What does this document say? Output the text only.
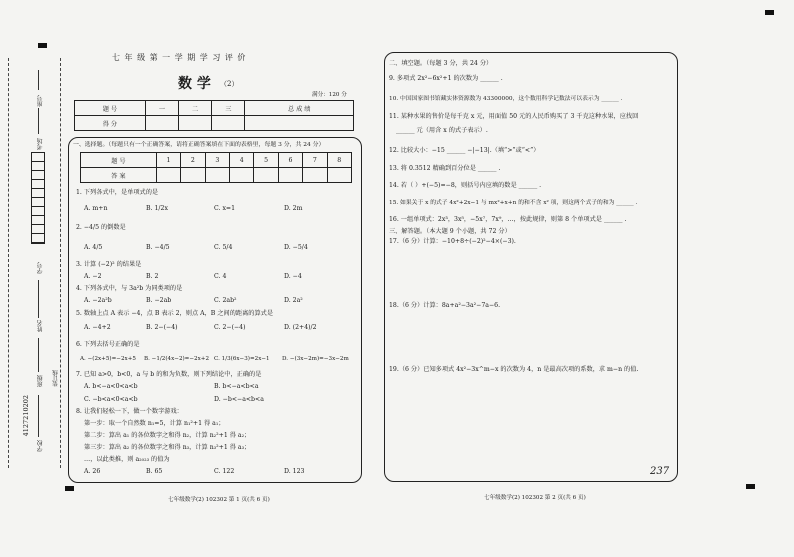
座号
考场
学号
姓名
班级
学校
4127210202
装订线
七 年 级 第 一 学 期 学 习 评 价
数 学 （2）
满分：120 分
题 号	一	二	三	总 成 绩
得 分				
一、选择题。（每题只有一个正确答案，请将正确答案填在下面的表格里，每题 3 分，共 24 分）
题 号	1	2	3	4	5	6	7	8
答 案								
1. 下列各式中，是单项式的是
A. m+n	B. 1/2x	C. x=1	D. 2m
2. −4/5 的倒数是
A. 4/5	B. −4/5	C. 5/4	D. −5/4
3. 计算 (−2)² 的结果是
A. −2	B. 2	C. 4	D. −4
4. 下列各式中，与 3a²b 为同类项的是
A. −2a²b	B. −2ab	C. 2ab²	D. 2a²
5. 数轴上点 A 表示 −4，点 B 表示 2，则点 A，B 之间的距离的算式是
A. −4+2	B. 2−(−4)	C. 2−(−4)	D. (2+4)/2
6. 下列去括号正确的是
A. −(2x+5)=−2x+5 B. −1/2(4x−2)=−2x+2 C. 1/3(6x−3)=2x−1 D. −(3x−2m)=−3x−2m
7. 已知 a>0，b<0，a 与 b 的和为负数，则下列结论中，正确的是
A. b<−a<0<a<b	B. b<−a<b<a
C. −b<a<0<a<b	D. −b<−a<b<a
8. 让我们轻松一下，做一个数字游戏：
第一步：取一个自然数 n₁=5，计算 n₁²+1 得 a₁；
第二步：算出 a₁ 的各位数字之和得 n₂，计算 n₂²+1 得 a₂；
第三步：算出 a₂ 的各位数字之和得 n₃，计算 n₃²+1 得 a₃；
…，以此类推，则 a₂₀₂₃ 的值为
A. 26	B. 65	C. 122	D. 123
七年级数学(2) 102302 第 1 页(共 6 页)
二、填空题。（每题 3 分，共 24 分）
9. 多项式 2x²−6x²+1 的次数为 ______ .
10. 中国国家图书馆藏实体资源数为 43300000，这个数用科学记数法可以表示为 ______ .
11. 某种水果的售价是每千克 x 元，用面值 50 元的人民币购买了 3 千克这种水果，应找回
______ 元（用含 x 的式子表示）.
12. 比较大小：−15 ______ −|−13|.（填“>”或“<”）
13. 将 0.3512 精确到百分位是 ______ .
14. 若（ ）+(−5)=−8，则括号内应填的数是 ______ .
15. 如果关于 x 的式子 4x²+2x−1 与 mx²+x+n 的和不含 x² 项，则这两个式子的和为 ______ .
16. 一组单项式：2x³，3x⁵，−5x⁷，7x⁹，…，按此规律，则第 8 个单项式是 ______ .
三、解答题。（本大题 9 个小题，共 72 分）
17.（6 分）计算：−10+8÷(−2)²−4×(−3).
18.（6 分）计算：8a+a²−3a²−7a−6.
19.（6 分）已知多项式 4x²−3x^m−x 的次数为 4，n 是最高次项的系数，求 m−n 的值.
237
七年级数学(2) 102302 第 2 页(共 6 页)
